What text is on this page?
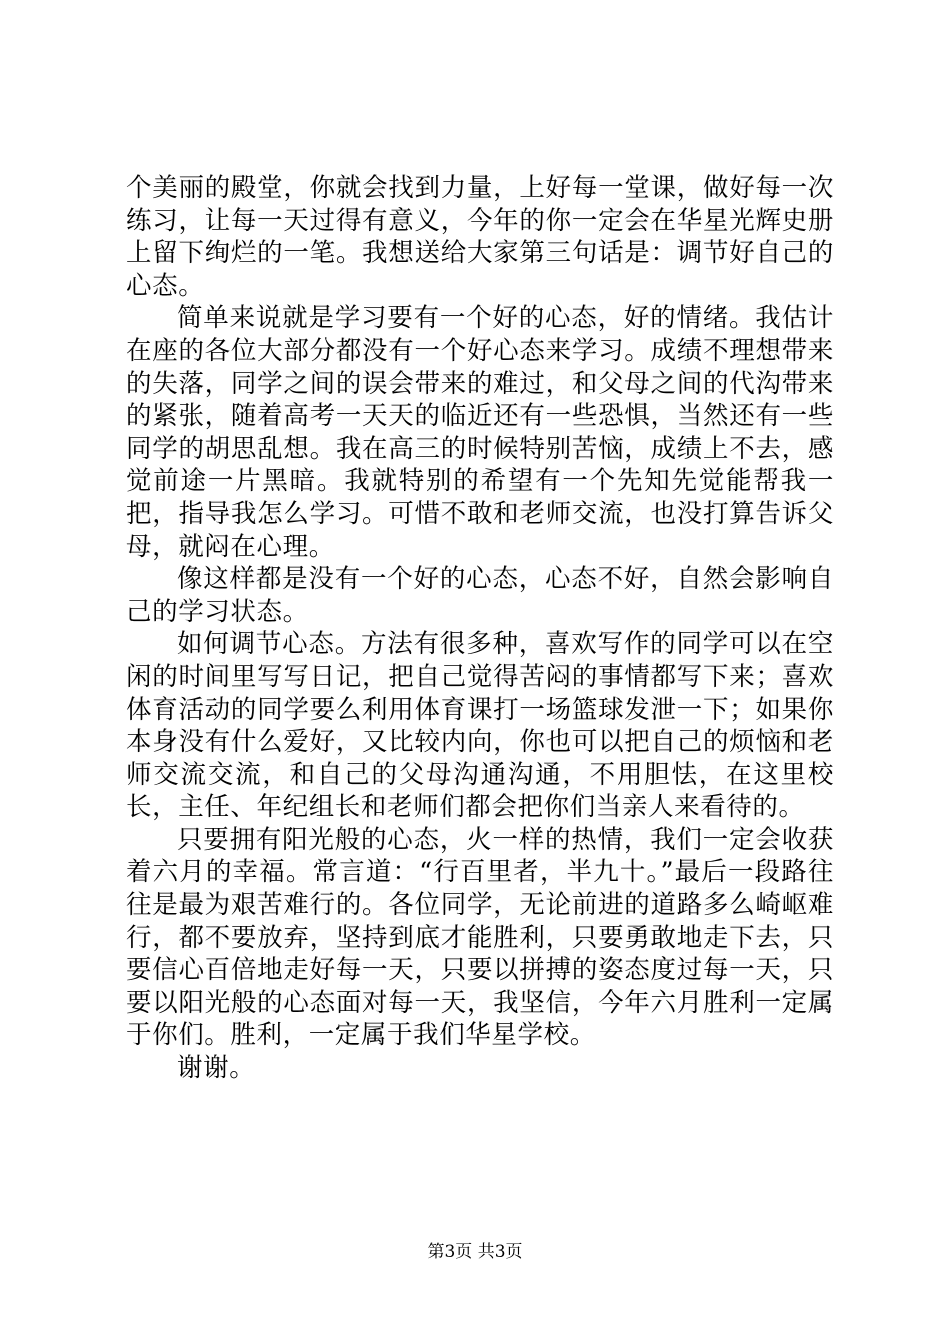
个美丽的殿堂，你就会找到力量，上好每一堂课，做好每一次练习，让每一天过得有意义，今年的你一定会在华星光辉史册上留下绚烂的一笔。我想送给大家第三句话是：调节好自己的心态。

简单来说就是学习要有一个好的心态，好的情绪。我估计在座的各位大部分都没有一个好心态来学习。成绩不理想带来的失落，同学之间的误会带来的难过，和父母之间的代沟带来的紧张，随着高考一天天的临近还有一些恐惧，当然还有一些同学的胡思乱想。我在高三的时候特别苦恼，成绩上不去，感觉前途一片黑暗。我就特别的希望有一个先知先觉能帮我一把，指导我怎么学习。可惜不敢和老师交流，也没打算告诉父母，就闷在心理。

像这样都是没有一个好的心态，心态不好，自然会影响自己的学习状态。

如何调节心态。方法有很多种，喜欢写作的同学可以在空闲的时间里写写日记，把自己觉得苦闷的事情都写下来；喜欢体育活动的同学要么利用体育课打一场篮球发泄一下；如果你本身没有什么爱好，又比较内向，你也可以把自己的烦恼和老师交流交流，和自己的父母沟通沟通，不用胆怯，在这里校长，主任、年纪组长和老师们都会把你们当亲人来看待的。

只要拥有阳光般的心态，火一样的热情，我们一定会收获着六月的幸福。常言道：“行百里者，半九十。”最后一段路往往是最为艰苦难行的。各位同学，无论前进的道路多么崎岖难行，都不要放弃，坚持到底才能胜利，只要勇敢地走下去，只要信心百倍地走好每一天，只要以拼搏的姿态度过每一天，只要以阳光般的心态面对每一天，我坚信，今年六月胜利一定属于你们。胜利，一定属于我们华星学校。

谢谢。

第3页 共3页
